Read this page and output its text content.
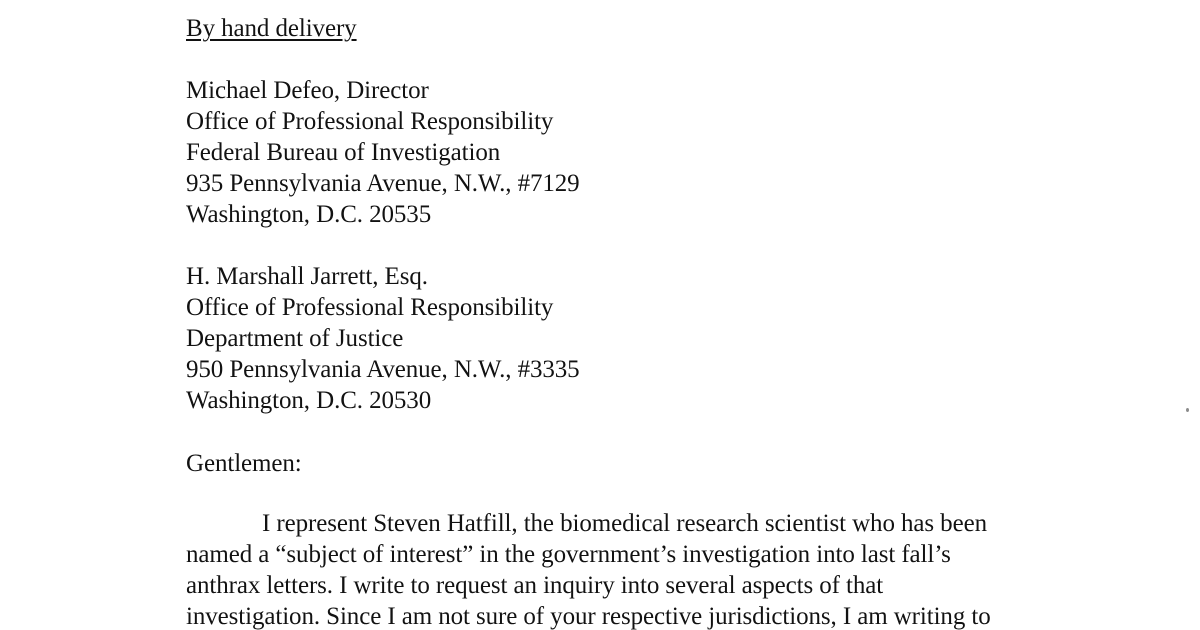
By hand delivery
Michael Defeo, Director
Office of Professional Responsibility
Federal Bureau of Investigation
935 Pennsylvania Avenue, N.W., #7129
Washington, D.C. 20535
H. Marshall Jarrett, Esq.
Office of Professional Responsibility
Department of Justice
950 Pennsylvania Avenue, N.W., #3335
Washington, D.C. 20530
Gentlemen:
I represent Steven Hatfill, the biomedical research scientist who has been
named a “subject of interest” in the government’s investigation into last fall’s
anthrax letters. I write to request an inquiry into several aspects of that
investigation. Since I am not sure of your respective jurisdictions, I am writing to
